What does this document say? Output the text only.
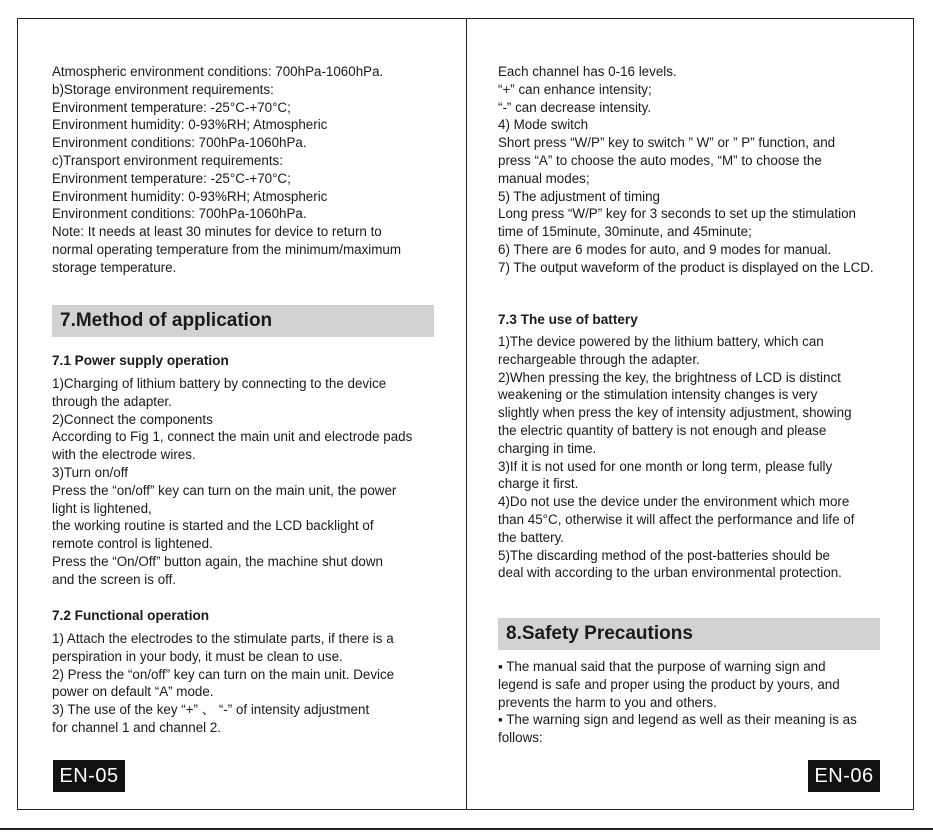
Atmospheric environment conditions: 700hPa-1060hPa.
b)Storage environment requirements:
Environment temperature: -25°C-+70°C;
Environment humidity: 0-93%RH; Atmospheric
Environment conditions: 700hPa-1060hPa.
c)Transport environment requirements:
Environment temperature: -25°C-+70°C;
Environment humidity: 0-93%RH; Atmospheric
Environment conditions: 700hPa-1060hPa.
Note: It needs at least 30 minutes for device to return to
normal operating temperature from the minimum/maximum
storage temperature.
7.Method of application
7.1 Power supply operation
1)Charging of lithium battery by connecting to the device
through the adapter.
2)Connect the components
According to Fig 1, connect the main unit and electrode pads
with the electrode wires.
3)Turn on/off
Press the “on/off” key can turn on the main unit, the power
light is lightened,
the working routine is started and the LCD backlight of
remote control is lightened.
Press the “On/Off” button again, the machine shut down
and the screen is off.
7.2 Functional operation
1) Attach the electrodes to the stimulate parts, if there is a
perspiration in your body, it must be clean to use.
2) Press the “on/off” key can turn on the main unit. Device
power on default “A” mode.
3) The use of the key “+” 、 “-” of intensity adjustment
for channel 1 and channel 2.
EN-05
Each channel has 0-16 levels.
“+” can enhance intensity;
“-” can decrease intensity.
4) Mode switch
Short press “W/P” key to switch ” W” or ” P” function, and
press “A” to choose the auto modes, “M” to choose the
manual modes;
5) The adjustment of timing
Long press “W/P” key for 3 seconds to set up the stimulation
time of 15minute, 30minute, and 45minute;
6) There are 6 modes for auto, and 9 modes for manual.
7) The output waveform of the product is displayed on the LCD.
7.3 The use of battery
1)The device powered by the lithium battery, which can
rechargeable through the adapter.
2)When pressing the key, the brightness of LCD is distinct
weakening or the stimulation intensity changes is very
slightly when press the key of intensity adjustment, showing
the electric quantity of battery is not enough and please
charging in time.
3)If it is not used for one month or long term, please fully
charge it first.
4)Do not use the device under the environment which more
than 45°C, otherwise it will affect the performance and life of
the battery.
5)The discarding method of the post-batteries should be
deal with according to the urban environmental protection.
8.Safety Precautions
▪ The manual said that the purpose of warning sign and
legend is safe and proper using the product by yours, and
prevents the harm to you and others.
▪ The warning sign and legend as well as their meaning is as
follows:
EN-06
